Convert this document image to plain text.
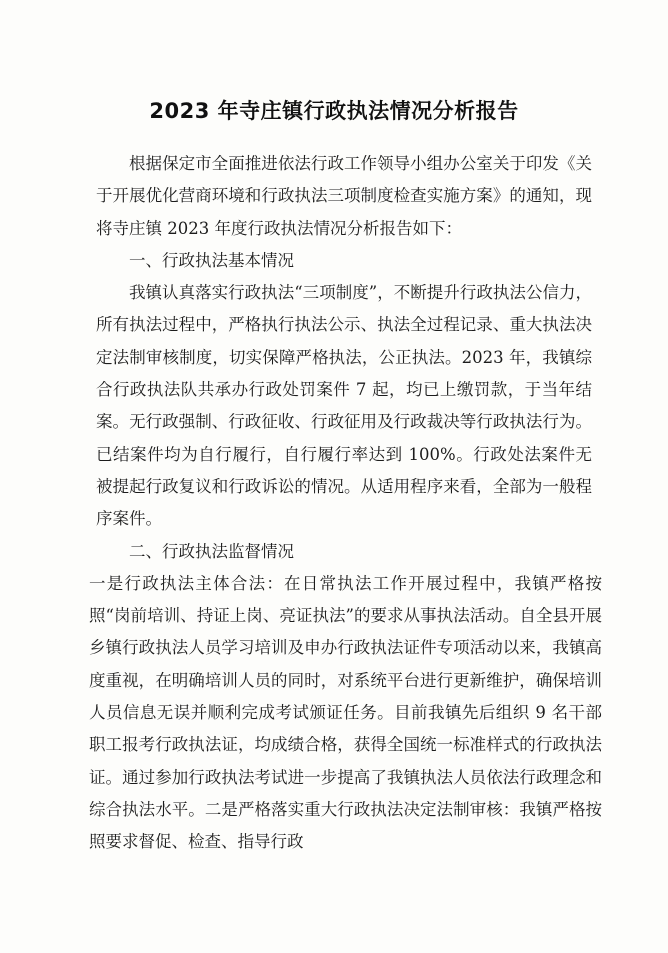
2023 年寺庄镇行政执法情况分析报告

根据保定市全面推进依法行政工作领导小组办公室关于印发《关于开展优化营商环境和行政执法三项制度检查实施方案》的通知，现将寺庄镇 2023 年度行政执法情况分析报告如下：

一、行政执法基本情况

我镇认真落实行政执法“三项制度”，不断提升行政执法公信力，所有执法过程中，严格执行执法公示、执法全过程记录、重大执法决定法制审核制度，切实保障严格执法，公正执法。2023 年，我镇综合行政执法队共承办行政处罚案件 7 起，均已上缴罚款，于当年结案。无行政强制、行政征收、行政征用及行政裁决等行政执法行为。已结案件均为自行履行，自行履行率达到 100%。行政处法案件无被提起行政复议和行政诉讼的情况。从适用程序来看，全部为一般程序案件。

二、行政执法监督情况

一是行政执法主体合法：在日常执法工作开展过程中，我镇严格按照“岗前培训、持证上岗、亮证执法”的要求从事执法活动。自全县开展乡镇行政执法人员学习培训及申办行政执法证件专项活动以来，我镇高度重视，在明确培训人员的同时，对系统平台进行更新维护，确保培训人员信息无误并顺利完成考试颁证任务。目前我镇先后组织 9 名干部职工报考行政执法证，均成绩合格，获得全国统一标准样式的行政执法证。通过参加行政执法考试进一步提高了我镇执法人员依法行政理念和综合执法水平。二是严格落实重大行政执法决定法制审核：我镇严格按照要求督促、检查、指导行政
